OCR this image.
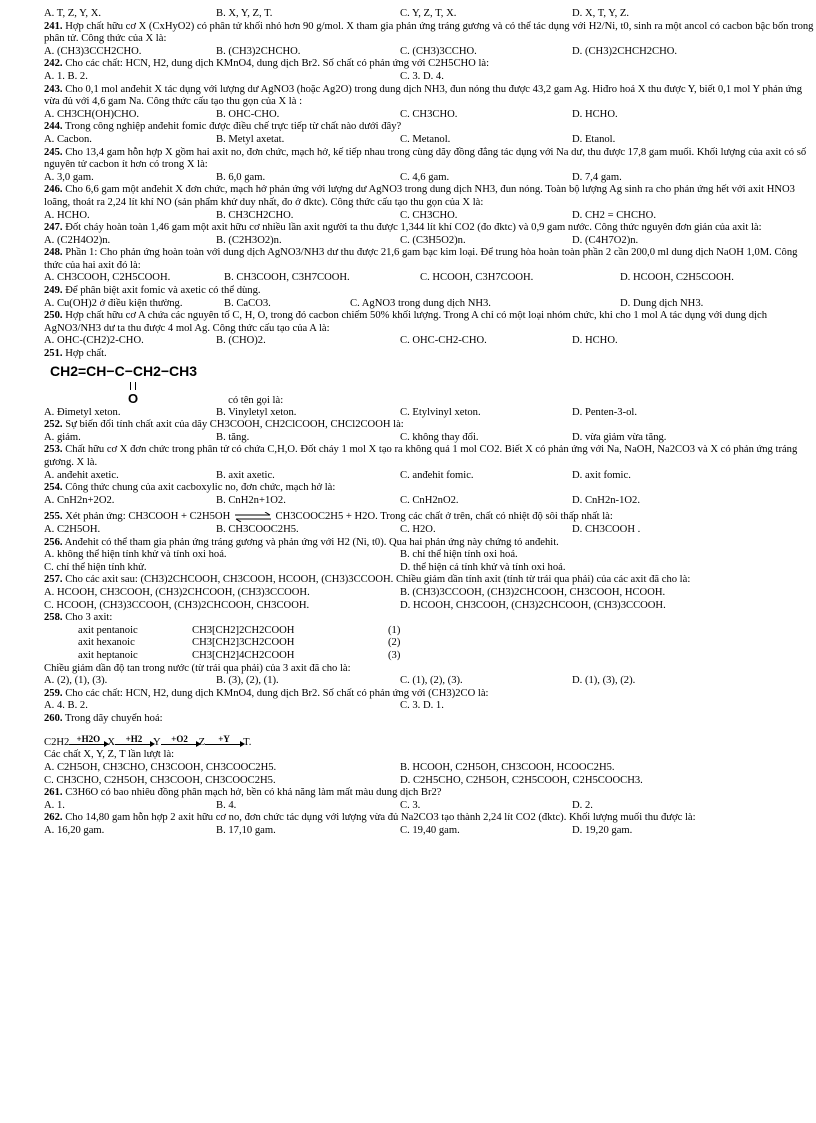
A. T, Z, Y, X.	B. X, Y, Z, T.	C. Y, Z, T, X.	D. X, T, Y, Z.

241. Hợp chất hữu cơ X (CxHyO2) có phân tử khối nhỏ hơn 90 g/mol. X tham gia phản ứng tráng gương và có thể tác dụng với H2/Ni, t0, sinh ra một ancol có cacbon bậc bốn trong phân tử. Công thức của X là:

A. (CH3)3CCH2CHO.	B. (CH3)2CHCHO.	C. (CH3)3CCHO.	D. (CH3)2CHCH2CHO.

242. Cho các chất: HCN, H2, dung dịch KMnO4, dung dịch Br2. Số chất có phản ứng với C2H5CHO là:

A. 1. B. 2.	C. 3. D. 4.

243. Cho 0,1 mol anđehit X tác dụng với lượng dư AgNO3 (hoặc Ag2O) trong dung dịch NH3, đun nóng thu được 43,2 gam Ag. Hiđro hoá X thu được Y, biết 0,1 mol Y phản ứng vừa đủ với 4,6 gam Na. Công thức cấu tạo thu gọn của X là :

A. CH3CH(OH)CHO.	B. OHC-CHO.	C. CH3CHO.	D. HCHO.

244. Trong công nghiệp anđehit fomic được điều chế trực tiếp từ chất nào dưới đây?

A. Cacbon.	B. Metyl axetat.	C. Metanol.	D. Etanol.

245. Cho 13,4 gam hỗn hợp X gồm hai axit no, đơn chức, mạch hở, kế tiếp nhau trong cùng dãy đồng đẳng tác dụng với Na dư, thu được 17,8 gam muối. Khối lượng của axit có số nguyên tử cacbon ít hơn có trong X là:

A. 3,0 gam.	B. 6,0 gam.	C. 4,6 gam.	D. 7,4 gam.

246. Cho 6,6 gam một anđehit X đơn chức, mạch hở phản ứng với lượng dư AgNO3 trong dung dịch NH3, đun nóng. Toàn bộ lượng Ag sinh ra cho phản ứng hết với axit HNO3 loãng, thoát ra 2,24 lít khí NO (sản phẩm khử duy nhất, đo ở đktc). Công thức cấu tạo thu gọn của X là:

A. HCHO.	B. CH3CH2CHO.	C. CH3CHO.	D. CH2 = CHCHO.

247. Đốt cháy hoàn toàn 1,46 gam một axit hữu cơ nhiều lần axit người ta thu được 1,344 lít khí CO2 (đo đktc) và 0,9 gam nước. Công thức nguyên đơn giản của axit là:

A. (C2H4O2)n.	B. (C2H3O2)n.	C. (C3H5O2)n.	D. (C4H7O2)n.

248. Phần 1: Cho phản ứng hoàn toàn với dung dịch AgNO3/NH3 dư thu được 21,6 gam bạc kim loại. Để trung hòa hoàn toàn phần 2 cần 200,0 ml dung dịch NaOH 1,0M. Công thức của hai axit đó là:

A. CH3COOH, C2H5COOH.	B. CH3COOH, C3H7COOH.	C. HCOOH, C3H7COOH.	D. HCOOH, C2H5COOH.

249. Để phân biệt axit fomic và axetic có thể dùng.

A. Cu(OH)2 ở điều kiện thường.	B. CaCO3.	C. AgNO3 trong dung dịch NH3.	D. Dung dịch NH3.

250. Hợp chất hữu cơ A chứa các nguyên tố C, H, O, trong đó cacbon chiếm 50% khối lượng. Trong A chỉ có một loại nhóm chức, khi cho 1 mol A tác dụng với dung dịch AgNO3/NH3 dư ta thu được 4 mol Ag. Công thức cấu tạo của A là:

A. OHC-(CH2)2-CHO.	B. (CHO)2.	C. OHC-CH2-CHO.	D. HCHO.

251. Hợp chất.

CH2=CH−C−CH2−CH3
O	có tên gọi là:
A. Đimetyl xeton.	B. Vinyletyl xeton.	C. Etylvinyl xeton.	D. Penten-3-ol.

252. Sự biến đổi tính chất axit của dãy CH3COOH, CH2ClCOOH, CHCl2COOH là:

A. giảm.	B. tăng.	C. không thay đổi.	D. vừa giảm vừa tăng.

253. Chất hữu cơ X đơn chức trong phân tử có chứa C,H,O. Đốt cháy 1 mol X tạo ra không quá 1 mol CO2. Biết X có phản ứng với Na, NaOH, Na2CO3 và X có phản ứng tráng gương. X là.

A. anđehit axetic.	B. axit axetic.	C. anđehit fomic.	D. axit fomic.

254. Công thức chung của axit cacboxylic no, đơn chức, mạch hở là:

A. CnH2n+2O2.	B. CnH2n+1O2.	C. CnH2nO2.	D. CnH2n-1O2.

255. Xét phản ứng: CH3COOH + C2H5OH ⇌ CH3COOC2H5 + H2O. Trong các chất ở trên, chất có nhiệt độ sôi thấp nhất là:

A. C2H5OH.	B. CH3COOC2H5.	C. H2O.	D. CH3COOH .

256. Anđehit có thể tham gia phản ứng tráng gương và phản ứng với H2 (Ni, t0). Qua hai phản ứng này chứng tỏ anđehit.

A. không thể hiện tính khử và tính oxi hoá.	B. chỉ thể hiện tính oxi hoá.
C. chỉ thể hiện tính khử.	D. thể hiện cả tính khử và tính oxi hoá.

257. Cho các axit sau: (CH3)2CHCOOH, CH3COOH, HCOOH, (CH3)3CCOOH. Chiều giảm dần tính axit (tính từ trái qua phải) của các axit đã cho là:

A. HCOOH, CH3COOH, (CH3)2CHCOOH, (CH3)3CCOOH.	B. (CH3)3CCOOH, (CH3)2CHCOOH, CH3COOH, HCOOH.
C. HCOOH, (CH3)3CCOOH, (CH3)2CHCOOH, CH3COOH.	D. HCOOH, CH3COOH, (CH3)2CHCOOH, (CH3)3CCOOH.

258. Cho 3 axit:

axit pentanoic	CH3[CH2]2CH2COOH	(1)
axit hexanoic	CH3[CH2]3CH2COOH	(2)
axit heptanoic	CH3[CH2]4CH2COOH	(3)

Chiều giảm dần độ tan trong nước (từ trái qua phải) của 3 axit đã cho là:

A. (2), (1), (3).	B. (3), (2), (1).	C. (1), (2), (3).	D. (1), (3), (2).

259. Cho các chất: HCN, H2, dung dịch KMnO4, dung dịch Br2. Số chất có phản ứng với (CH3)2CO là:

A. 4. B. 2.	C. 3. D. 1.

260. Trong dãy chuyển hoá:

C2H2 +H2O X	+H2	Y	+O2	Z	+Y	T.

Các chất X, Y, Z, T lần lượt là:

A. C2H5OH, CH3CHO, CH3COOH, CH3COOC2H5.	B. HCOOH, C2H5OH, CH3COOH, HCOOC2H5.
C. CH3CHO, C2H5OH, CH3COOH, CH3COOC2H5.	D. C2H5CHO, C2H5OH, C2H5COOH, C2H5COOCH3.

261. C3H6O có bao nhiêu đồng phân mạch hở, bền có khả năng làm mất màu dung dịch Br2?

A. 1.	B. 4.	C. 3.	D. 2.

262. Cho 14,80 gam hỗn hợp 2 axit hữu cơ no, đơn chức tác dụng với lượng vừa đủ Na2CO3 tạo thành 2,24 lít CO2 (đktc). Khối lượng muối thu được là:

A. 16,20 gam.	B. 17,10 gam.	C. 19,40 gam.	D. 19,20 gam.
